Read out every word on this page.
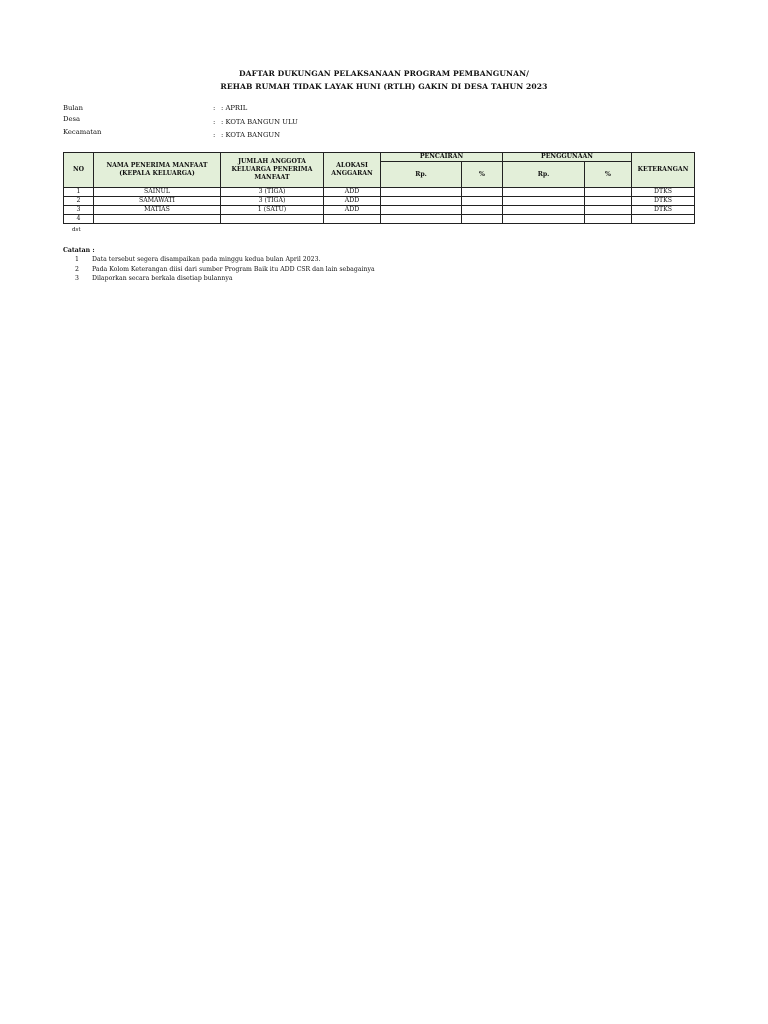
DAFTAR DUKUNGAN PELAKSANAAN PROGRAM PEMBANGUNAN/
REHAB RUMAH TIDAK LAYAK HUNI (RTLH) GAKIN DI DESA TAHUN 2023
Bulan	: : APRIL
Desa	: : KOTA BANGUN ULU
Kecamatan	: : KOTA BANGUN
NO	NAMA PENERIMA MANFAAT (KEPALA KELUARGA)	JUMLAH ANGGOTA KELUARGA PENERIMA MANFAAT	ALOKASI ANGGARAN	PENCAIRAN		PENGGUNAAN		KETERANGAN
				Rp.	%	Rp.	%	
1	SAINUL	3 (TIGA)	ADD					DTKS
2	SAMAWATI	3 (TIGA)	ADD					DTKS
3	MATIAS	1 (SATU)	ADD					DTKS
4								
dst
Catatan :
1 Data tersebut segera disampaikan pada minggu kedua bulan April 2023.
2 Pada Kolom Keterangan diisi dari sumber Program Baik itu ADD CSR dan lain sebagainya
3 Dilaporkan secara berkala disetiap bulannya
